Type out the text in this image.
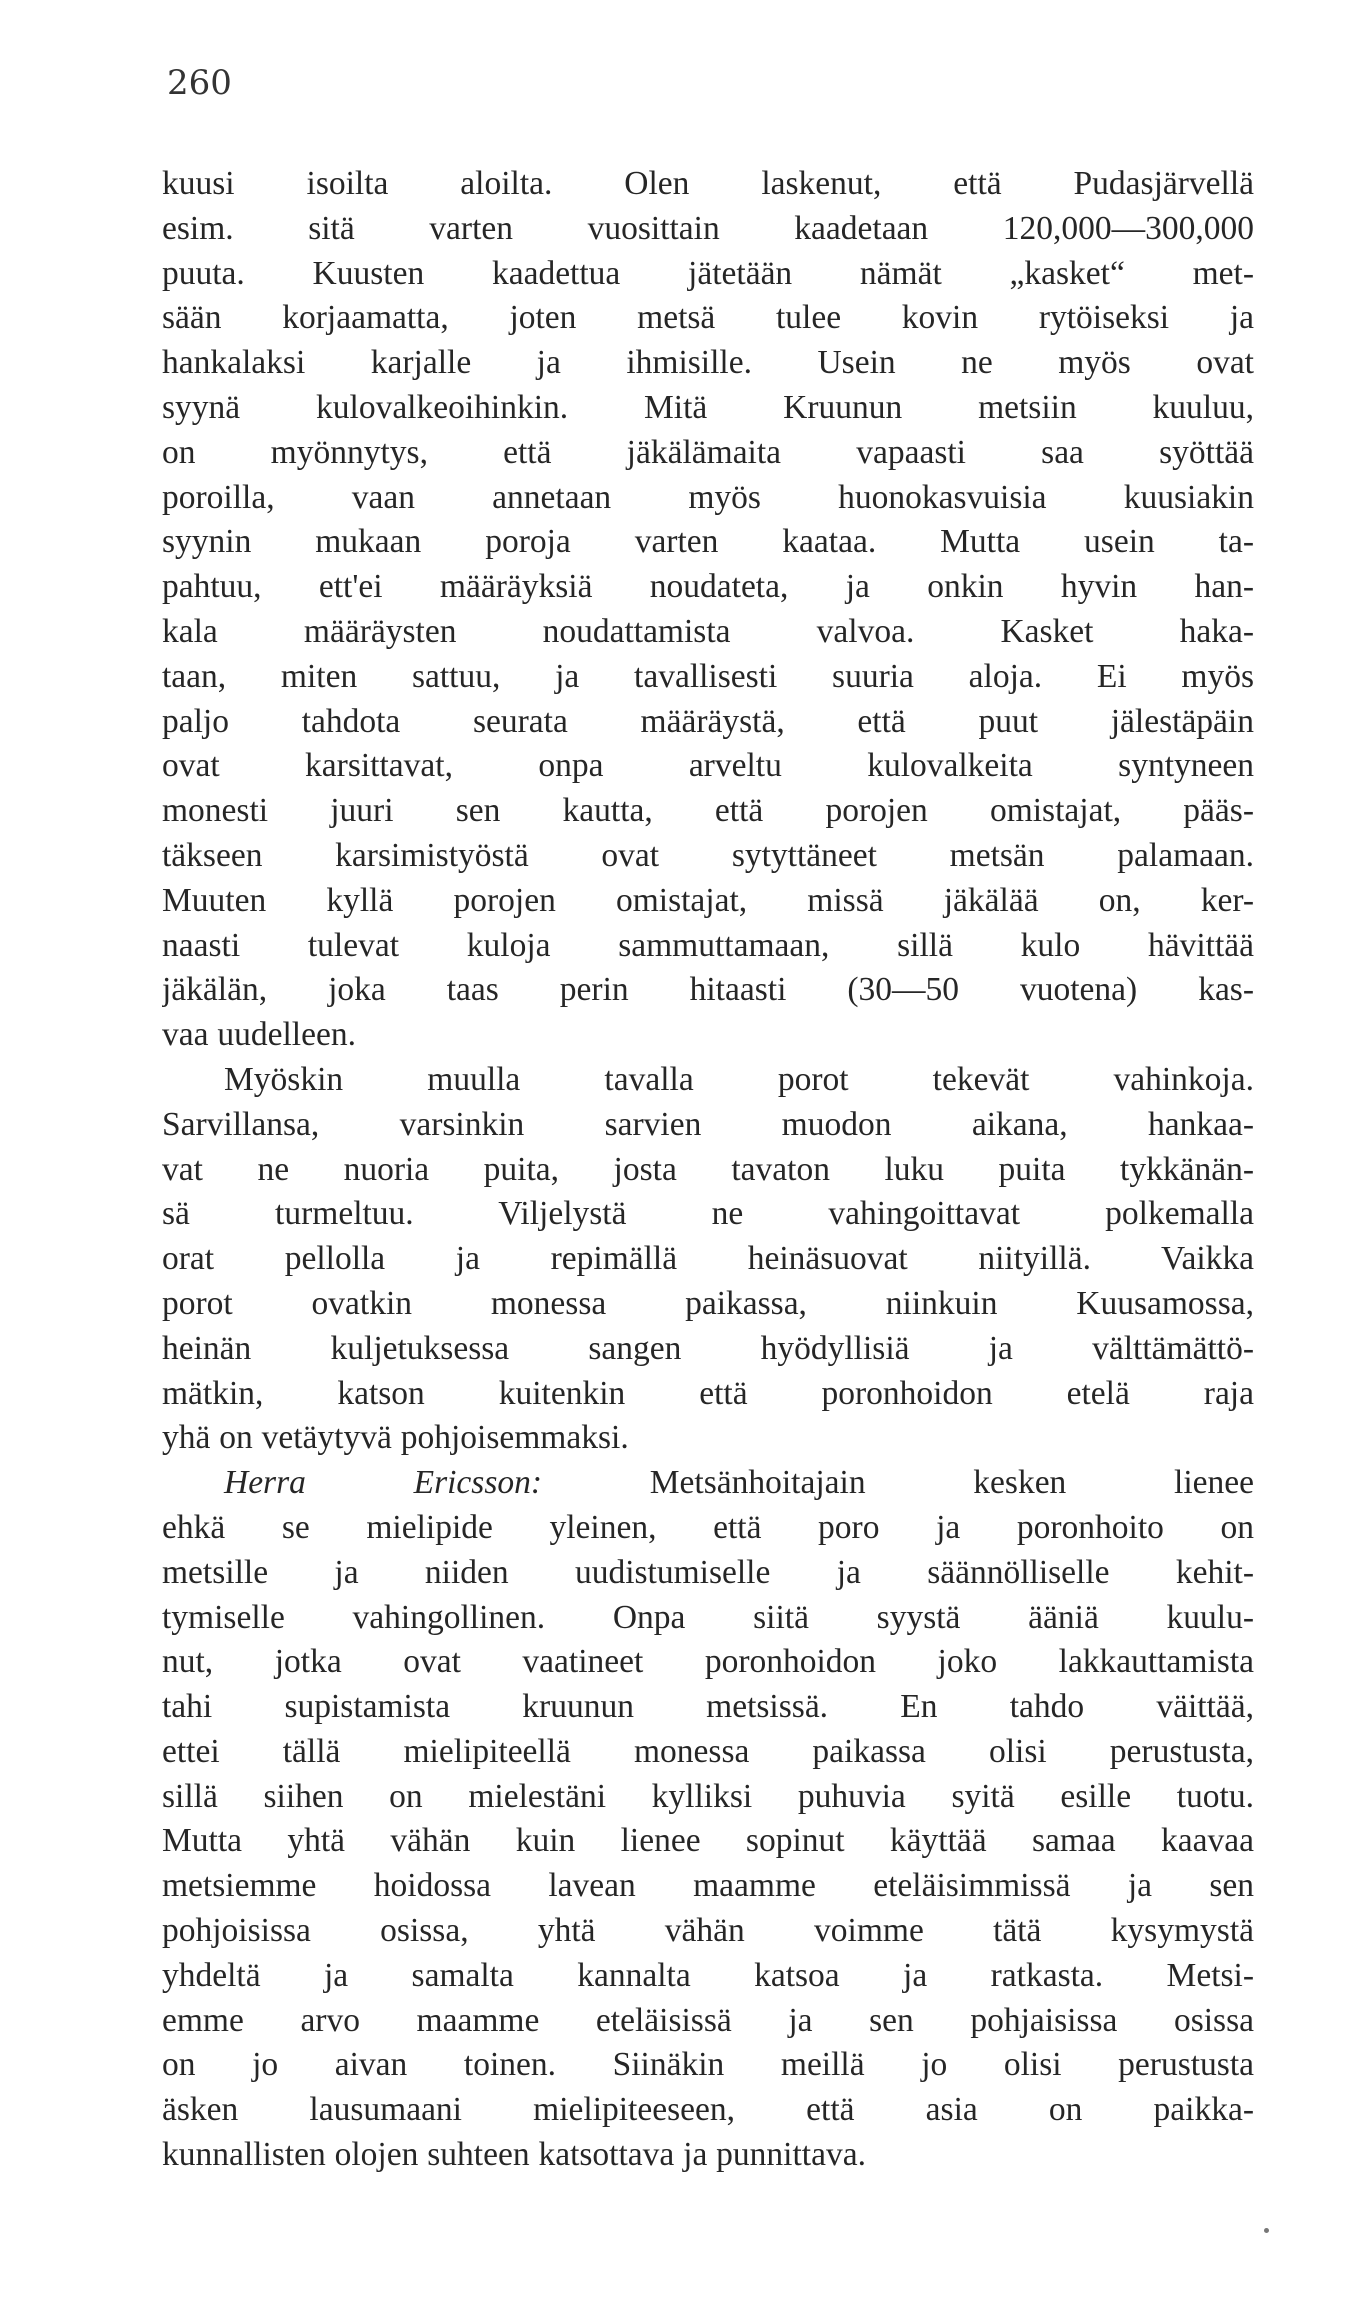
260
kuusi isoilta aloilta. Olen laskenut, että Pudasjärvellä
esim. sitä varten vuosittain kaadetaan 120,000—300,000
puuta. Kuusten kaadettua jätetään nämät „kasket“ met-
sään korjaamatta, joten metsä tulee kovin rytöiseksi ja
hankalaksi karjalle ja ihmisille. Usein ne myös ovat
syynä kulovalkeoihinkin. Mitä Kruunun metsiin kuuluu,
on myönnytys, että jäkälämaita vapaasti saa syöttää
poroilla, vaan annetaan myös huonokasvuisia kuusiakin
syynin mukaan poroja varten kaataa. Mutta usein ta-
pahtuu, ett'ei määräyksiä noudateta, ja onkin hyvin han-
kala määräysten noudattamista valvoa. Kasket haka-
taan, miten sattuu, ja tavallisesti suuria aloja. Ei myös
paljo tahdota seurata määräystä, että puut jälestäpäin
ovat karsittavat, onpa arveltu kulovalkeita syntyneen
monesti juuri sen kautta, että porojen omistajat, pääs-
täkseen karsimistyöstä ovat sytyttäneet metsän palamaan.
Muuten kyllä porojen omistajat, missä jäkälää on, ker-
naasti tulevat kuloja sammuttamaan, sillä kulo hävittää
jäkälän, joka taas perin hitaasti (30—50 vuotena) kas-
vaa uudelleen.
Myöskin muulla tavalla porot tekevät vahinkoja.
Sarvillansa, varsinkin sarvien muodon aikana, hankaa-
vat ne nuoria puita, josta tavaton luku puita tykkänän-
sä turmeltuu. Viljelystä ne vahingoittavat polkemalla
orat pellolla ja repimällä heinäsuovat niityillä. Vaikka
porot ovatkin monessa paikassa, niinkuin Kuusamossa,
heinän kuljetuksessa sangen hyödyllisiä ja välttämättö-
mätkin, katson kuitenkin että poronhoidon etelä raja
yhä on vetäytyvä pohjoisemmaksi.
Herra Ericsson:	Metsänhoitajain kesken lienee
ehkä se mielipide yleinen, että poro ja poronhoito on
metsille ja niiden uudistumiselle ja säännölliselle kehit-
tymiselle vahingollinen. Onpa siitä syystä ääniä kuulu-
nut, jotka ovat vaatineet poronhoidon joko lakkauttamista
tahi supistamista kruunun metsissä. En tahdo väittää,
ettei tällä mielipiteellä monessa paikassa olisi perustusta,
sillä siihen on mielestäni kylliksi puhuvia syitä esille tuotu.
Mutta yhtä vähän kuin lienee sopinut käyttää samaa kaavaa
metsiemme hoidossa lavean maamme eteläisimmissä ja sen
pohjoisissa osissa, yhtä vähän voimme tätä kysymystä
yhdeltä ja samalta kannalta katsoa ja ratkasta. Metsi-
emme arvo maamme eteläisissä ja sen pohjaisissa osissa
on jo aivan toinen. Siinäkin meillä jo olisi perustusta
äsken lausumaani mielipiteeseen, että asia on paikka-
kunnallisten olojen suhteen katsottava ja punnittava.
